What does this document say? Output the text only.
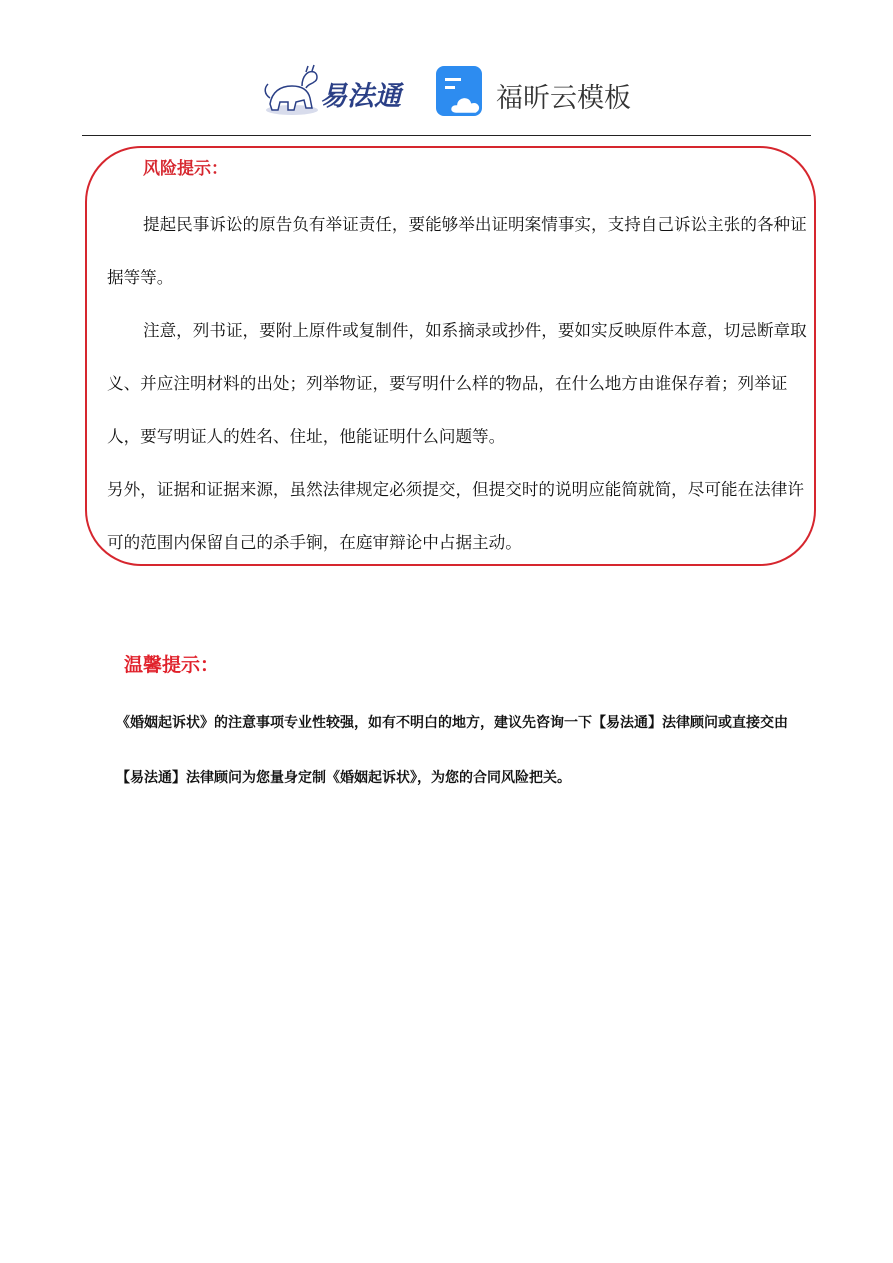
易法通	福昕云模板
风险提示：

提起民事诉讼的原告负有举证责任，要能够举出证明案情事实，支持自己诉讼主张的各种证据等等。

注意，列书证，要附上原件或复制件，如系摘录或抄件，要如实反映原件本意，切忌断章取义、并应注明材料的出处；列举物证，要写明什么样的物品，在什么地方由谁保存着；列举证人，要写明证人的姓名、住址，他能证明什么问题等。

另外，证据和证据来源，虽然法律规定必须提交，但提交时的说明应能简就简，尽可能在法律许可的范围内保留自己的杀手锏，在庭审辩论中占据主动。

温馨提示：

《婚姻起诉状》的注意事项专业性较强，如有不明白的地方，建议先咨询一下【易法通】法律顾问或直接交由【易法通】法律顾问为您量身定制《婚姻起诉状》，为您的合同风险把关。
